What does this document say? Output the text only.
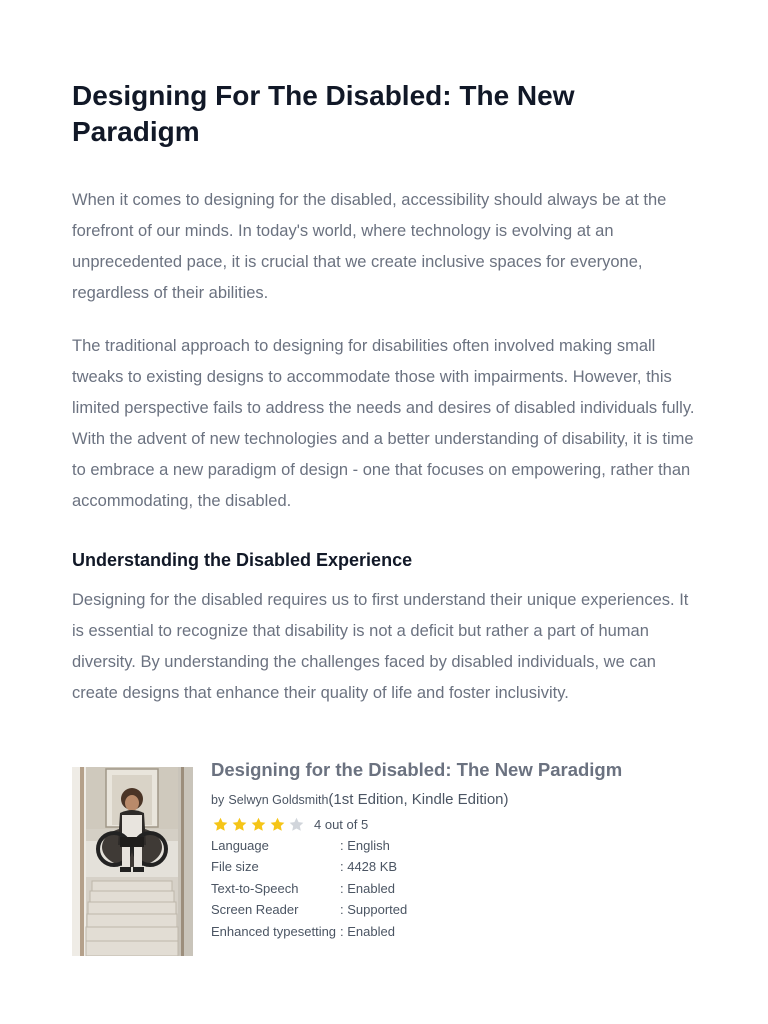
Designing For The Disabled: The New Paradigm

When it comes to designing for the disabled, accessibility should always be at the forefront of our minds. In today's world, where technology is evolving at an unprecedented pace, it is crucial that we create inclusive spaces for everyone, regardless of their abilities.

The traditional approach to designing for disabilities often involved making small tweaks to existing designs to accommodate those with impairments. However, this limited perspective fails to address the needs and desires of disabled individuals fully. With the advent of new technologies and a better understanding of disability, it is time to embrace a new paradigm of design - one that focuses on empowering, rather than accommodating, the disabled.

Understanding the Disabled Experience

Designing for the disabled requires us to first understand their unique experiences. It is essential to recognize that disability is not a deficit but rather a part of human diversity. By understanding the challenges faced by disabled individuals, we can create designs that enhance their quality of life and foster inclusivity.

Designing for the Disabled: The New Paradigm
by Selwyn Goldsmith(1st Edition, Kindle Edition)
4 out of 5
Language	: English
File size	: 4428 KB
Text-to-Speech	: Enabled
Screen Reader	: Supported
Enhanced typesetting	: Enabled
